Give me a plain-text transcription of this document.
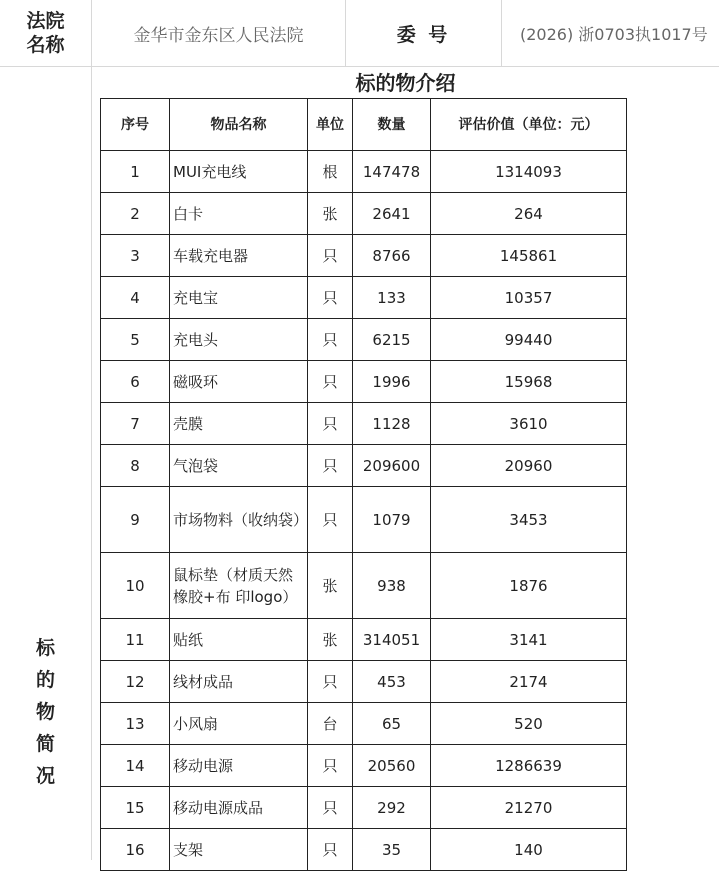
法院
名称	金华市金东区人民法院	委 号	(2026) 浙0703执1017号
标
的
物
简
况
标的物介绍
序号	物品名称	单位	数量	评估价值（单位：元）
1	MUI充电线	根	147478	1314093
2	白卡	张	2641	264
3	车载充电器	只	8766	145861
4	充电宝	只	133	10357
5	充电头	只	6215	99440
6	磁吸环	只	1996	15968
7	壳膜	只	1128	3610
8	气泡袋	只	209600	20960
9	市场物料（收纳袋）	只	1079	3453
10	鼠标垫（材质天然橡胶+布 印logo）	张	938	1876
11	贴纸	张	314051	3141
12	线材成品	只	453	2174
13	小风扇	台	65	520
14	移动电源	只	20560	1286639
15	移动电源成品	只	292	21270
16	支架	只	35	140
